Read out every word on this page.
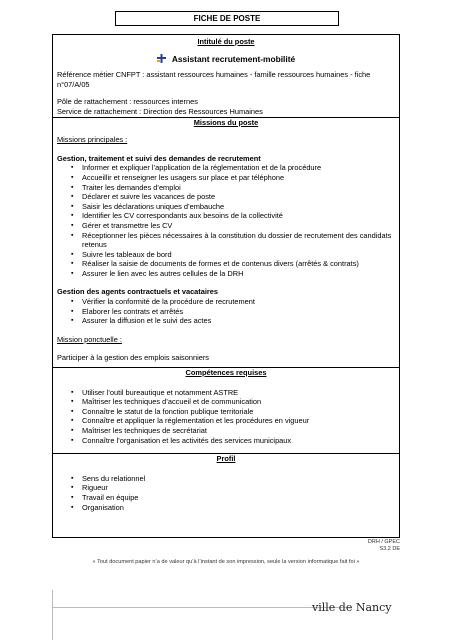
FICHE DE POSTE
Intitulé du poste
Assistant recrutement-mobilité
Référence métier CNFPT : assistant ressources humaines - famille ressources humaines - fiche n°07/A/05
Pôle de rattachement : ressources internes
Service de rattachement : Direction des Ressources Humaines
Missions du poste
Missions principales :
Gestion, traitement et suivi des demandes de recrutement
▪ Informer et expliquer l’application de la réglementation et de la procédure
▪ Accueillir et renseigner les usagers sur place et par téléphone
▪ Traiter les demandes d’emploi
▪ Déclarer et suivre les vacances de poste
▪ Saisir les déclarations uniques d’embauche
▪ Identifier les CV correspondants aux besoins de la collectivité
▪ Gérer et transmettre les CV
▪ Réceptionner les pièces nécessaires à la constitution du dossier de recrutement des candidats retenus
▪ Suivre les tableaux de bord
▪ Réaliser la saisie de documents de formes et de contenus divers (arrêtés & contrats)
▪ Assurer le lien avec les autres cellules de la DRH
Gestion des agents contractuels et vacataires
▪ Vérifier la conformité de la procédure de recrutement
▪ Elaborer les contrats et arrêtés
▪ Assurer la diffusion et le suivi des actes
Mission ponctuelle :
Participer à la gestion des emplois saisonniers
Compétences requises
▪ Utiliser l’outil bureautique et notamment ASTRE
▪ Maîtriser les techniques d’accueil et de communication
▪ Connaître le statut de la fonction publique territoriale
▪ Connaître et appliquer la réglementation et les procédures en vigueur
▪ Maîtriser les techniques de secrétariat
▪ Connaître l’organisation et les activités des services municipaux
Profil
▪ Sens du relationnel
▪ Rigueur
▪ Travail en équipe
▪ Organisation
DRH / GPEC
S3.2 DE
« Tout document papier n’a de valeur qu’à l’instant de son impression, seule la version informatique fait foi »
ville de Nancy
